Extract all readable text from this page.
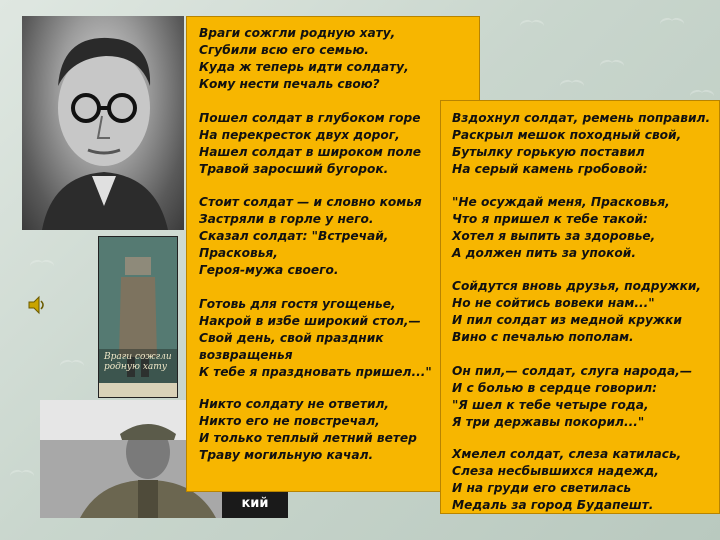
Враги сожгли родную хату
кий
Враги сожгли родную хату,
Сгубили всю его семью.
Куда ж теперь идти солдату,
Кому нести печаль свою?
Пошел солдат в глубоком горе
На перекресток двух дорог,
Нашел солдат в широком поле
Травой заросший бугорок.
Стоит солдат — и словно комья
Застряли в горле у него.
Сказал солдат: "Встречай,
Прасковья,
Героя-мужа своего.
Готовь для гостя угощенье,
Накрой в избе широкий стол,—
Свой день, свой праздник
возвращенья
К тебе я праздновать пришел..."
Никто солдату не ответил,
Никто его не повстречал,
И только теплый летний ветер
Траву могильную качал.
Вздохнул солдат, ремень поправил.
Раскрыл мешок походный свой,
Бутылку горькую поставил
На серый камень гробовой:
"Не осуждай меня, Прасковья,
Что я пришел к тебе такой:
Хотел я выпить за здоровье,
А должен пить за упокой.
Сойдутся вновь друзья, подружки,
Но не сойтись вовеки нам..."
И пил солдат из медной кружки
Вино с печалью пополам.
Он пил,— солдат, слуга народа,—
И с болью в сердце говорил:
"Я шел к тебе четыре года,
Я три державы покорил..."
Хмелел солдат, слеза катилась,
Слеза несбывшихся надежд,
И на груди его светилась
Медаль за город Будапешт.
